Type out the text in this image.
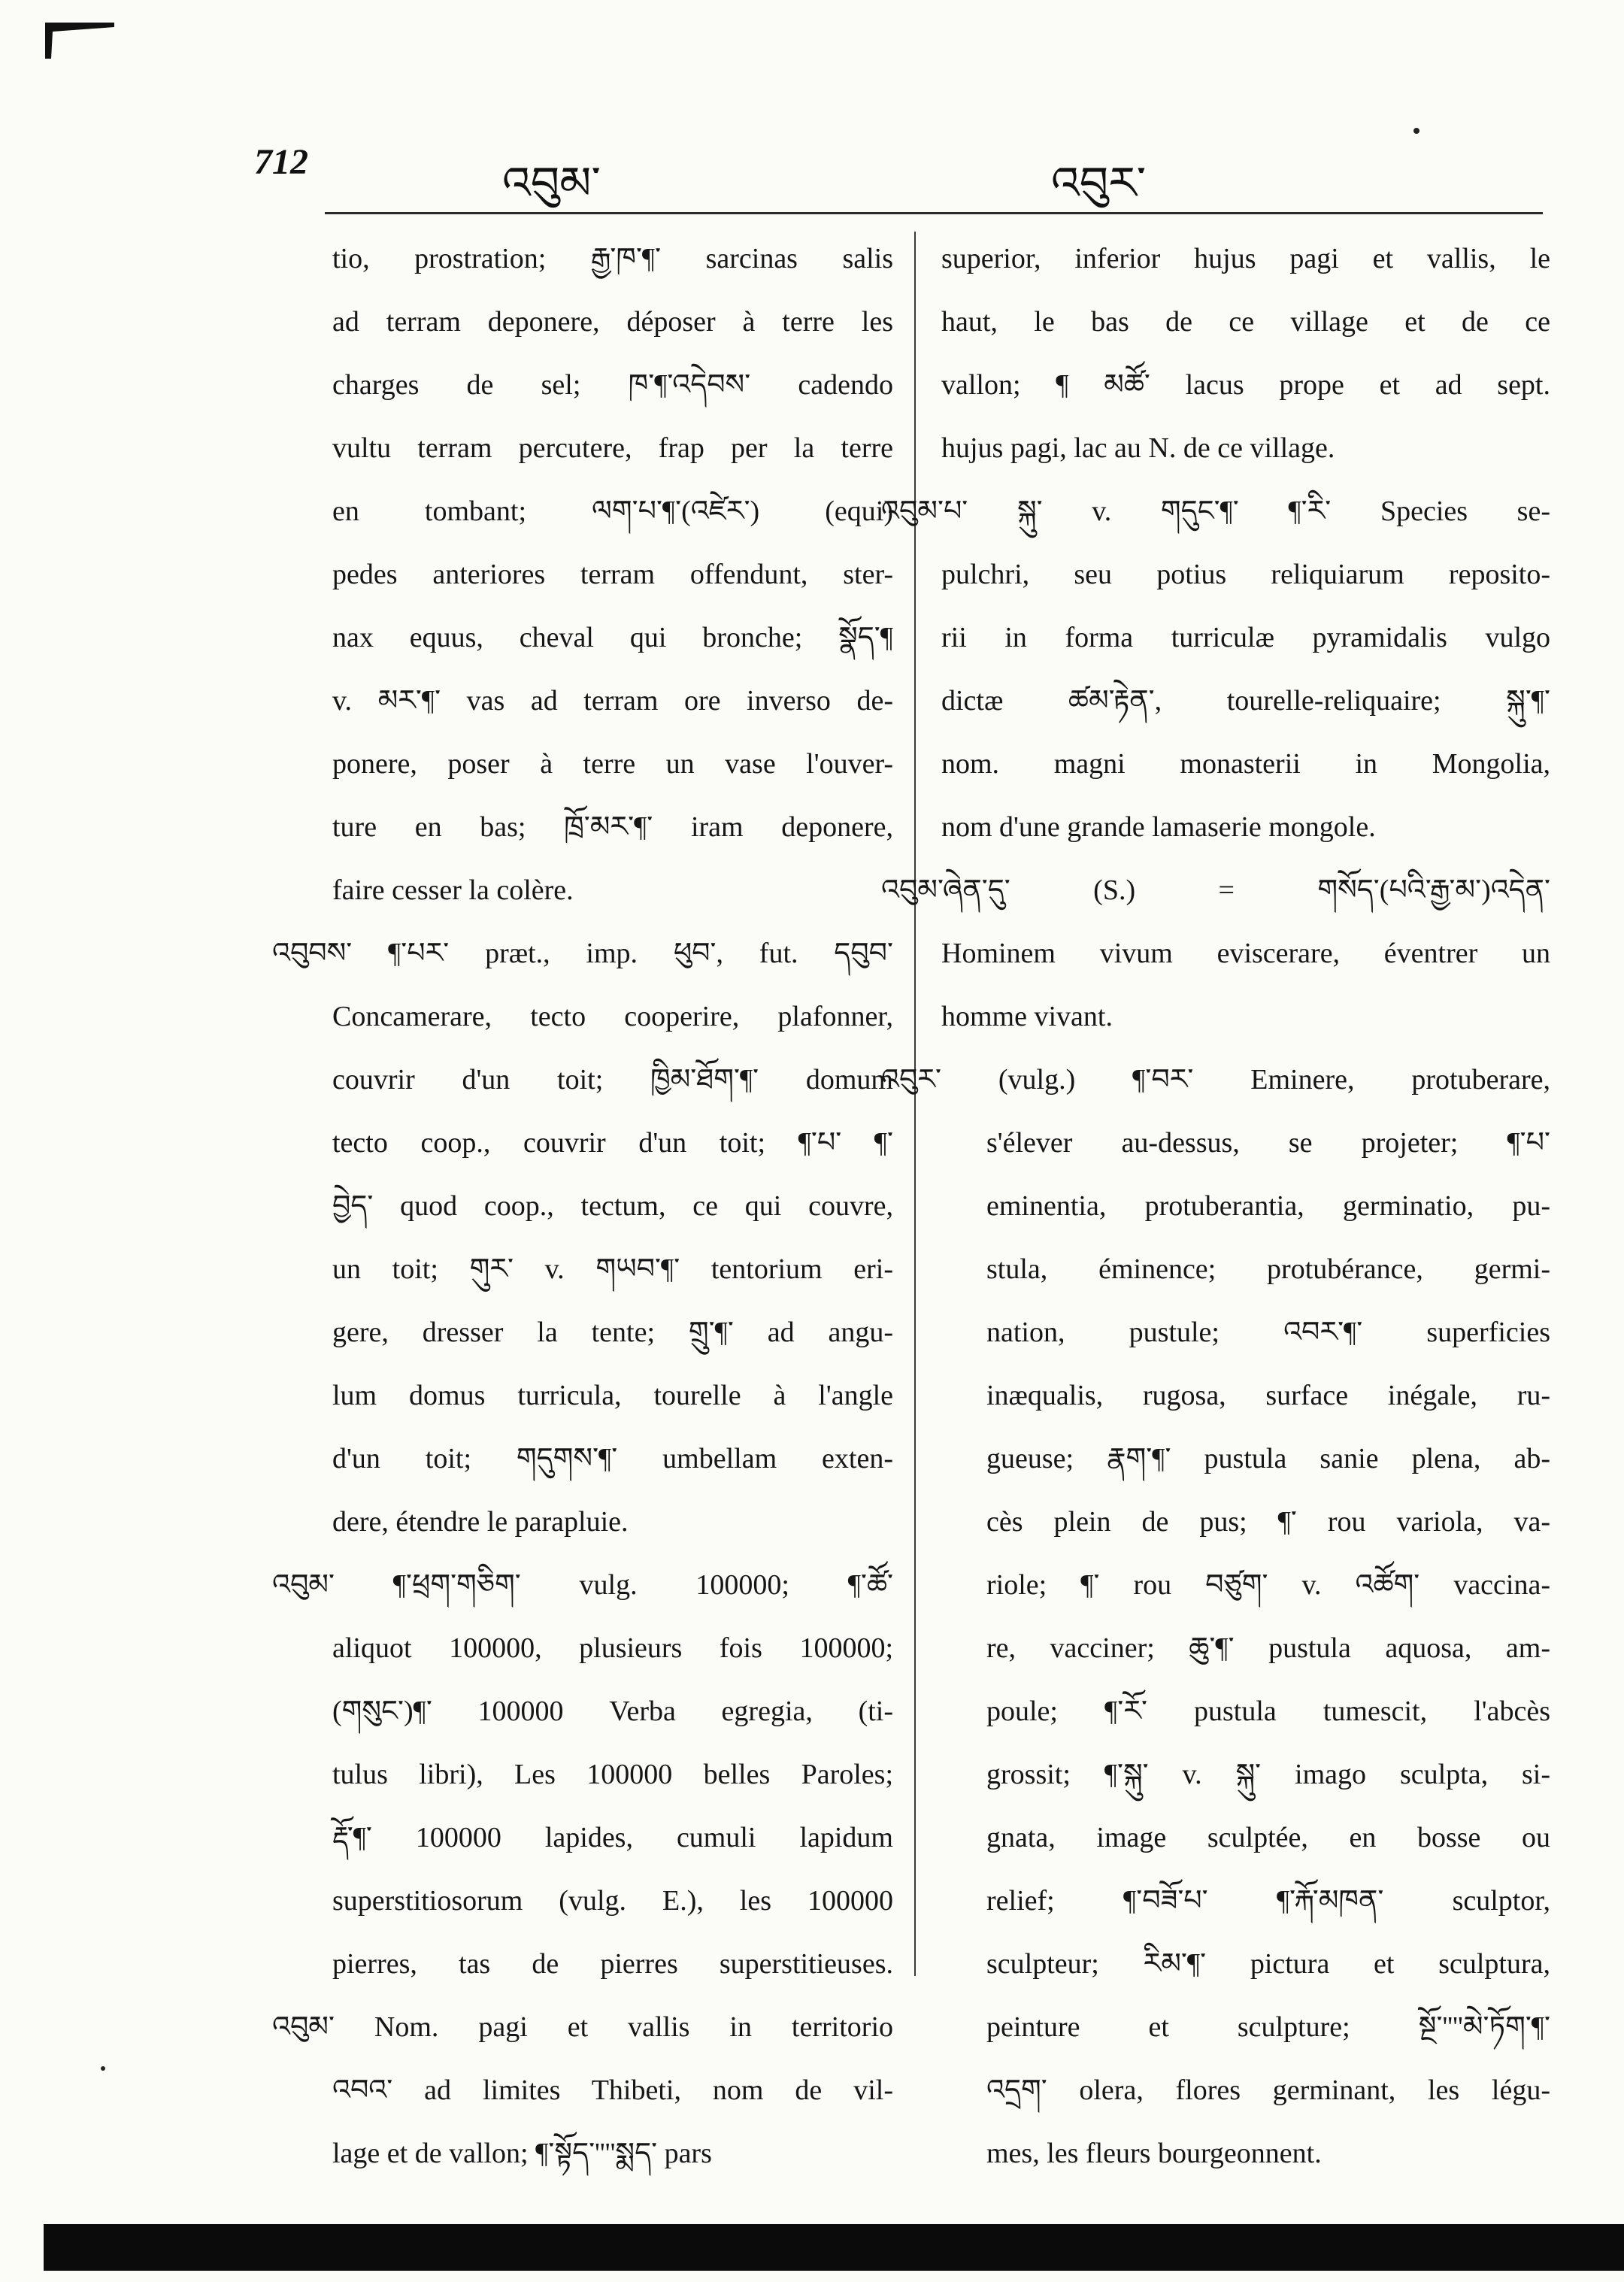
712	འབུམ་	འབུར་
tio, prostration; རྒྱ་ཁ་¶་ sarcinas salis
ad terram deponere, déposer à terre les
charges de sel; ཁ་¶་འདེབས་ cadendo
vultu terram percutere, frap per la terre
en tombant; ལག་པ་¶་(འཛེར་) (equi)
pedes anteriores terram offendunt, ster-
nax equus, cheval qui bronche; སྣོད་¶
v. མར་¶་ vas ad terram ore inverso de-
ponere, poser à terre un vase l'ouver-
ture en bas; ཁྲོ་མར་¶་ iram deponere,
faire cesser la colère.
འབུབས་ ¶་པར་ præt., imp. ཕུབ་, fut. དབུབ་
Concamerare, tecto cooperire, plafonner,
couvrir d'un toit; ཁྱིམ་ཐོག་¶་ domum
tecto coop., couvrir d'un toit; ¶་པ་ ¶་
བྱེད་ quod coop., tectum, ce qui couvre,
un toit; གུར་ v. གཡབ་¶་ tentorium eri-
gere, dresser la tente; གྲུ་¶་ ad angu-
lum domus turricula, tourelle à l'angle
d'un toit; གདུགས་¶་ umbellam exten-
dere, étendre le parapluie.
འབུམ་ ¶་ཕྲག་གཅིག་ vulg. 100000; ¶་ཚོ་
aliquot 100000, plusieurs fois 100000;
(གསུང་)¶་ 100000 Verba egregia, (ti-
tulus libri), Les 100000 belles Paroles;
རྡོ་¶་ 100000 lapides, cumuli lapidum
superstitiosorum (vulg. E.), les 100000
pierres, tas de pierres superstitieuses.
འབུམ་ Nom. pagi et vallis in territorio
འབའ་ ad limites Thibeti, nom de vil-
lage et de vallon; ¶་སྟོད་''''སྨད་ pars
superior, inferior hujus pagi et vallis, le
haut, le bas de ce village et de ce
vallon; ¶ མཚོ་ lacus prope et ad sept.
hujus pagi, lac au N. de ce village.
འབུམ་པ་ སྐུ་ v. གདུང་¶་ ¶་རི་ Species se-
pulchri, seu potius reliquiarum reposito-
rii in forma turriculæ pyramidalis vulgo
dictæ ཚམ་རྟེན་, tourelle-reliquaire; སྐུ་¶་
nom. magni monasterii in Mongolia,
nom d'une grande lamaserie mongole.
འབུམ་ཞེན་དུ་ (S.) = གསོད་(པའི་རྒྱ་མ་)འདེན་
Hominem vivum eviscerare, éventrer un
homme vivant.
འབུར་ (vulg.) ¶་བར་ Eminere, protuberare,
s'élever au-dessus, se projeter; ¶་པ་
eminentia, protuberantia, germinatio, pu-
stula, éminence; protubérance, germi-
nation, pustule; འབར་¶་ superficies
inæqualis, rugosa, surface inégale, ru-
gueuse; རྣག་¶་ pustula sanie plena, ab-
cès plein de pus; ¶་ rou variola, va-
riole; ¶་ rou བཙུག་ v. འཚོག་ vaccina-
re, vacciner; ཆུ་¶་ pustula aquosa, am-
poule; ¶་རོ་ pustula tumescit, l'abcès
grossit; ¶་སྐུ་ v. སྐུ་ imago sculpta, si-
gnata, image sculptée, en bosse ou
relief; ¶་བཟོ་པ་ ¶་རྐོ་མཁན་ sculptor,
sculpteur; རིམ་¶་ pictura et sculptura,
peinture et sculpture; སྔོ་''''མེ་ཏོག་¶་
འདྲག་ olera, flores germinant, les légu-
mes, les fleurs bourgeonnent.
